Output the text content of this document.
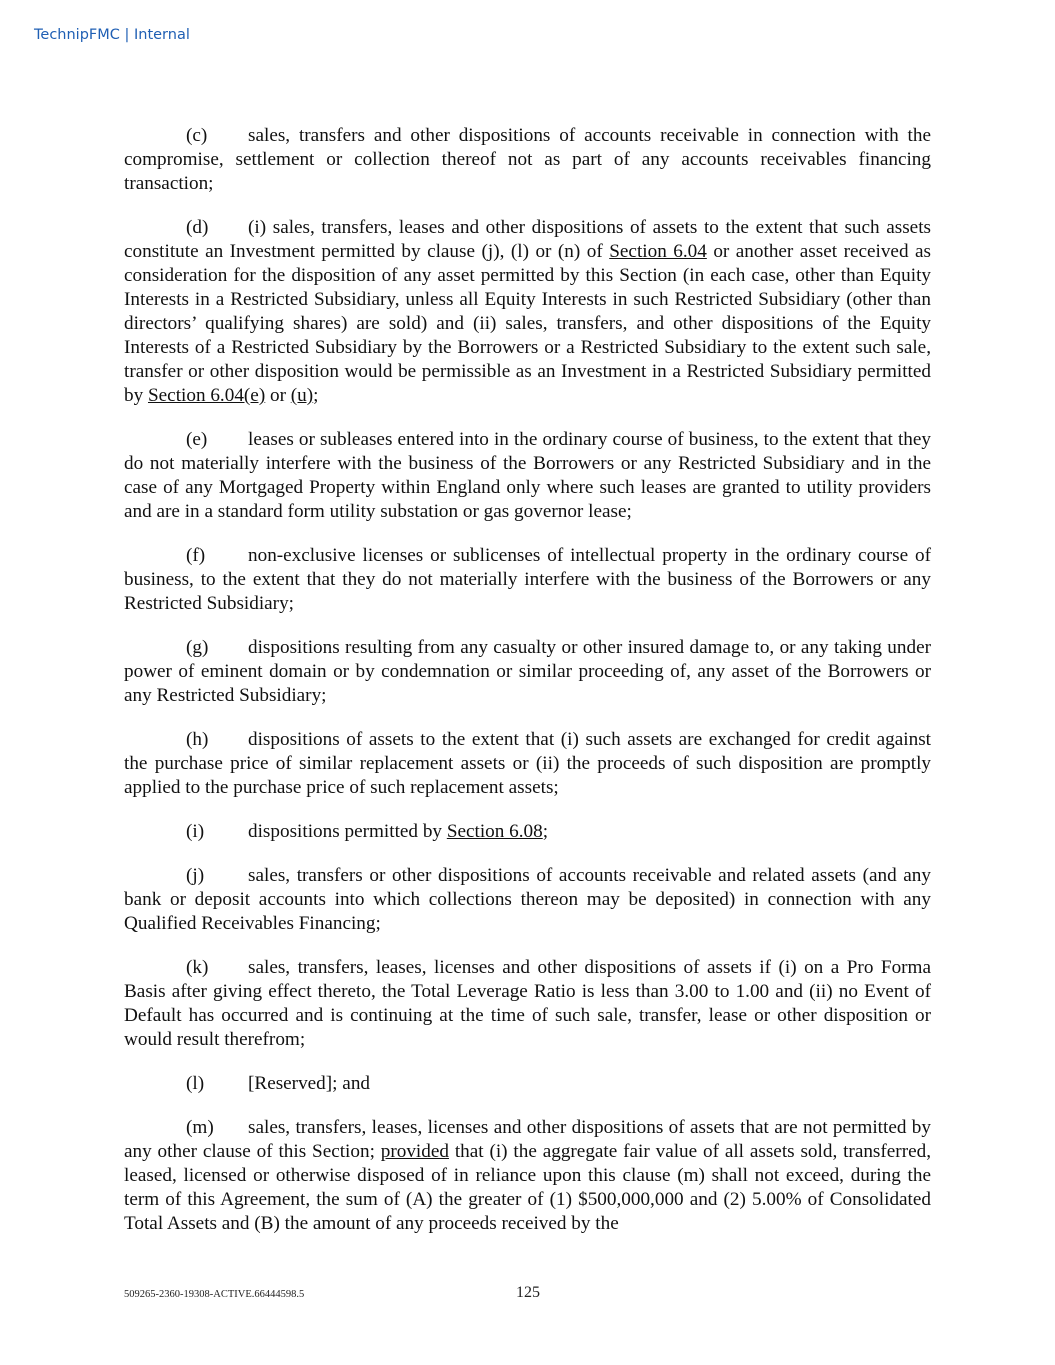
TechnipFMC | Internal

(c) sales, transfers and other dispositions of accounts receivable in connection with the compromise, settlement or collection thereof not as part of any accounts receivables financing transaction;

(d) (i) sales, transfers, leases and other dispositions of assets to the extent that such assets constitute an Investment permitted by clause (j), (l) or (n) of Section 6.04 or another asset received as consideration for the disposition of any asset permitted by this Section (in each case, other than Equity Interests in a Restricted Subsidiary, unless all Equity Interests in such Restricted Subsidiary (other than directors’ qualifying shares) are sold) and (ii) sales, transfers, and other dispositions of the Equity Interests of a Restricted Subsidiary by the Borrowers or a Restricted Subsidiary to the extent such sale, transfer or other disposition would be permissible as an Investment in a Restricted Subsidiary permitted by Section 6.04(e) or (u);

(e) leases or subleases entered into in the ordinary course of business, to the extent that they do not materially interfere with the business of the Borrowers or any Restricted Subsidiary and in the case of any Mortgaged Property within England only where such leases are granted to utility providers and are in a standard form utility substation or gas governor lease;

(f) non-exclusive licenses or sublicenses of intellectual property in the ordinary course of business, to the extent that they do not materially interfere with the business of the Borrowers or any Restricted Subsidiary;

(g) dispositions resulting from any casualty or other insured damage to, or any taking under power of eminent domain or by condemnation or similar proceeding of, any asset of the Borrowers or any Restricted Subsidiary;

(h) dispositions of assets to the extent that (i) such assets are exchanged for credit against the purchase price of similar replacement assets or (ii) the proceeds of such disposition are promptly applied to the purchase price of such replacement assets;

(i) dispositions permitted by Section 6.08;

(j) sales, transfers or other dispositions of accounts receivable and related assets (and any bank or deposit accounts into which collections thereon may be deposited) in connection with any Qualified Receivables Financing;

(k) sales, transfers, leases, licenses and other dispositions of assets if (i) on a Pro Forma Basis after giving effect thereto, the Total Leverage Ratio is less than 3.00 to 1.00 and (ii) no Event of Default has occurred and is continuing at the time of such sale, transfer, lease or other disposition or would result therefrom;

(l) [Reserved]; and

(m) sales, transfers, leases, licenses and other dispositions of assets that are not permitted by any other clause of this Section; provided that (i) the aggregate fair value of all assets sold, transferred, leased, licensed or otherwise disposed of in reliance upon this clause (m) shall not exceed, during the term of this Agreement, the sum of (A) the greater of (1) $500,000,000 and (2) 5.00% of Consolidated Total Assets and (B) the amount of any proceeds received by the

509265-2360-19308-ACTIVE.66444598.5	125
